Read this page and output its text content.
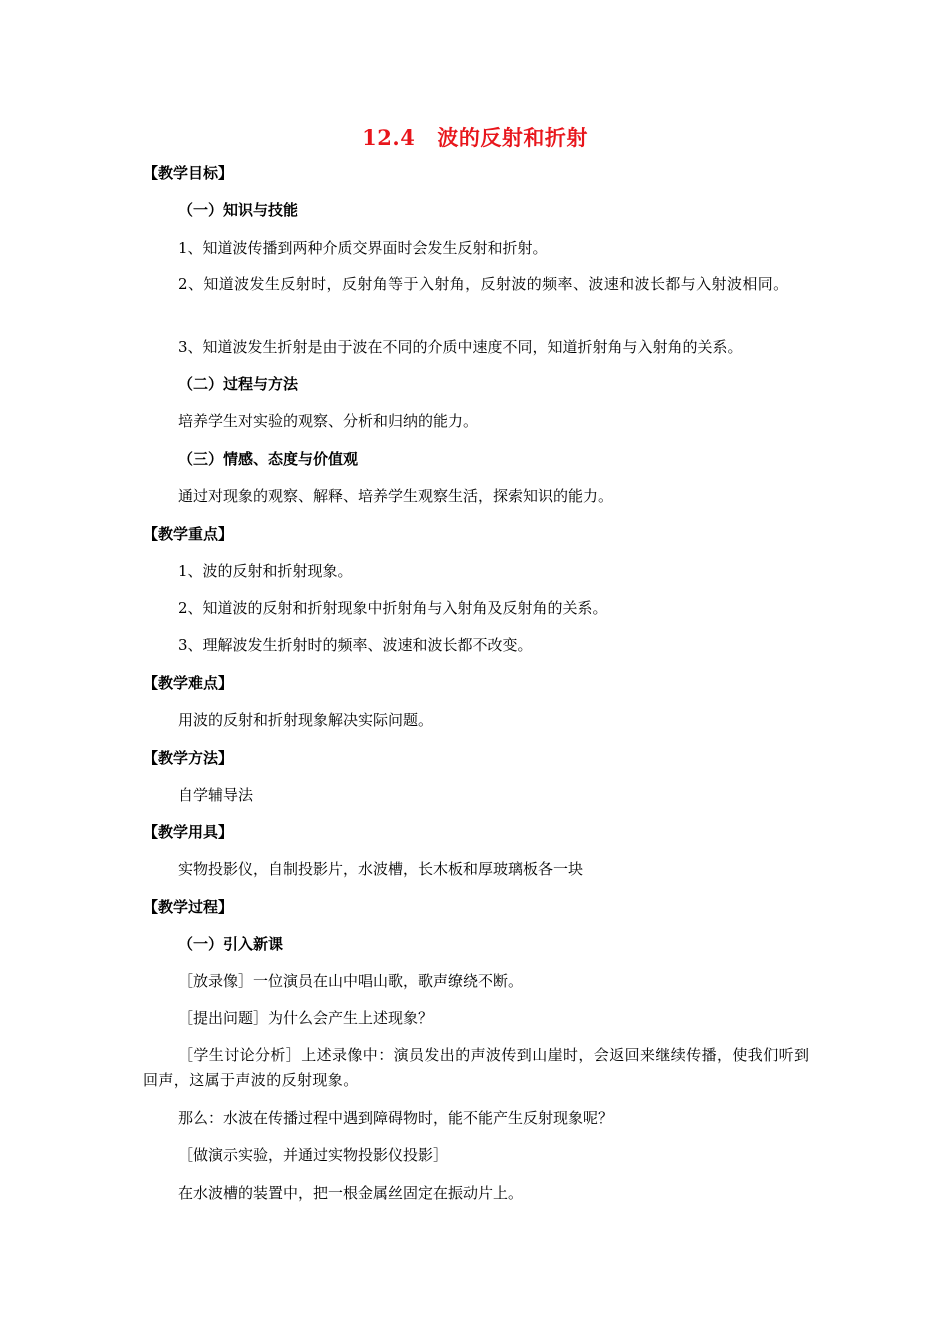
12.4 波的反射和折射
【教学目标】
（一）知识与技能
1、知道波传播到两种介质交界面时会发生反射和折射。
2、知道波发生反射时，反射角等于入射角，反射波的频率、波速和波长都与入射波相同。
3、知道波发生折射是由于波在不同的介质中速度不同，知道折射角与入射角的关系。
（二）过程与方法
培养学生对实验的观察、分析和归纳的能力。
（三）情感、态度与价值观
通过对现象的观察、解释、培养学生观察生活，探索知识的能力。
【教学重点】
1、波的反射和折射现象。
2、知道波的反射和折射现象中折射角与入射角及反射角的关系。
3、理解波发生折射时的频率、波速和波长都不改变。
【教学难点】
用波的反射和折射现象解决实际问题。
【教学方法】
自学辅导法
【教学用具】
实物投影仪，自制投影片，水波槽，长木板和厚玻璃板各一块
【教学过程】
（一）引入新课
［放录像］一位演员在山中唱山歌，歌声缭绕不断。
［提出问题］为什么会产生上述现象？
［学生讨论分析］上述录像中：演员发出的声波传到山崖时，会返回来继续传播，使我们听到回声，这属于声波的反射现象。
那么：水波在传播过程中遇到障碍物时，能不能产生反射现象呢？
［做演示实验，并通过实物投影仪投影］
在水波槽的装置中，把一根金属丝固定在振动片上。
